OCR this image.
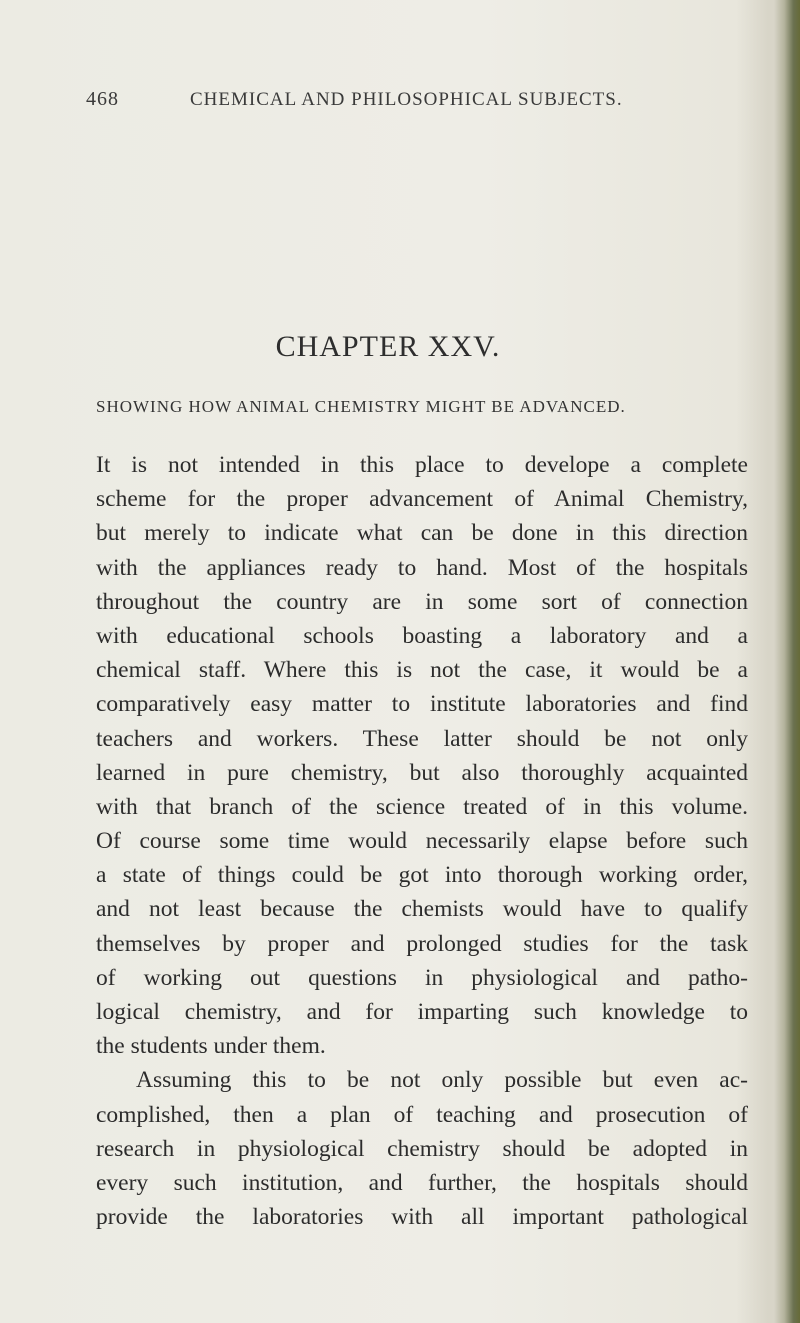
468	CHEMICAL AND PHILOSOPHICAL SUBJECTS.
CHAPTER XXV.
SHOWING HOW ANIMAL CHEMISTRY MIGHT BE ADVANCED.
It is not intended in this place to develope a complete
scheme for the proper advancement of Animal Chemistry,
but merely to indicate what can be done in this direction
with the appliances ready to hand. Most of the hospitals
throughout the country are in some sort of connection
with educational schools boasting a laboratory and a
chemical staff. Where this is not the case, it would be a
comparatively easy matter to institute laboratories and find
teachers and workers. These latter should be not only
learned in pure chemistry, but also thoroughly acquainted
with that branch of the science treated of in this volume.
Of course some time would necessarily elapse before such
a state of things could be got into thorough working order,
and not least because the chemists would have to qualify
themselves by proper and prolonged studies for the task
of working out questions in physiological and patho-
logical chemistry, and for imparting such knowledge to
the students under them.
Assuming this to be not only possible but even ac-
complished, then a plan of teaching and prosecution of
research in physiological chemistry should be adopted in
every such institution, and further, the hospitals should
provide the laboratories with all important pathological
